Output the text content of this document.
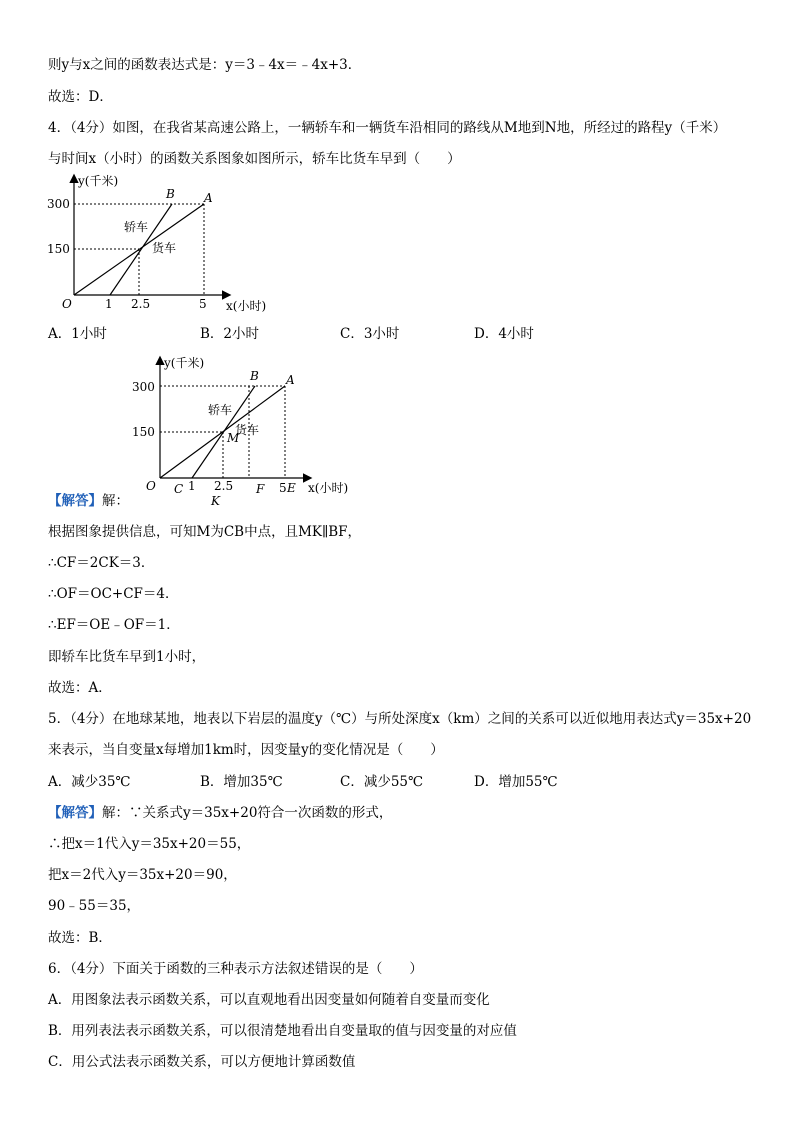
则y与x之间的函数表达式是：y＝3﹣4x＝﹣4x+3．
故选：D．
4．（4分）如图，在我省某高速公路上，一辆轿车和一辆货车沿相同的路线从M地到N地，所经过的路程y（千米）
与时间x（小时）的函数关系图象如图所示，轿车比货车早到（　　）
y(千米)
x(小时)
300
150
1 2.5	5
O
A
B
轿车
货车
A．1小时	B．2小时	C．3小时	D．4小时
y(千米)
x(小时)
300
150
1 2.5	5
O
A
B
M
C
K
F E
轿车
货车
【解答】解：
根据图象提供信息，可知M为CB中点，且MK∥BF，
∴CF＝2CK＝3．
∴OF＝OC+CF＝4．
∴EF＝OE﹣OF＝1．
即轿车比货车早到1小时，
故选：A．
5．（4分）在地球某地，地表以下岩层的温度y（℃）与所处深度x（km）之间的关系可以近似地用表达式y＝35x+20
来表示，当自变量x每增加1km时，因变量y的变化情况是（　　）
A．减少35℃	B．增加35℃	C．减少55℃	D．增加55℃
【解答】解：∵关系式y＝35x+20符合一次函数的形式，
∴把x＝1代入y＝35x+20＝55，
把x＝2代入y＝35x+20＝90，
90﹣55＝35，
故选：B．
6．（4分）下面关于函数的三种表示方法叙述错误的是（　　）
A．用图象法表示函数关系，可以直观地看出因变量如何随着自变量而变化
B．用列表法表示函数关系，可以很清楚地看出自变量取的值与因变量的对应值
C．用公式法表示函数关系，可以方便地计算函数值
